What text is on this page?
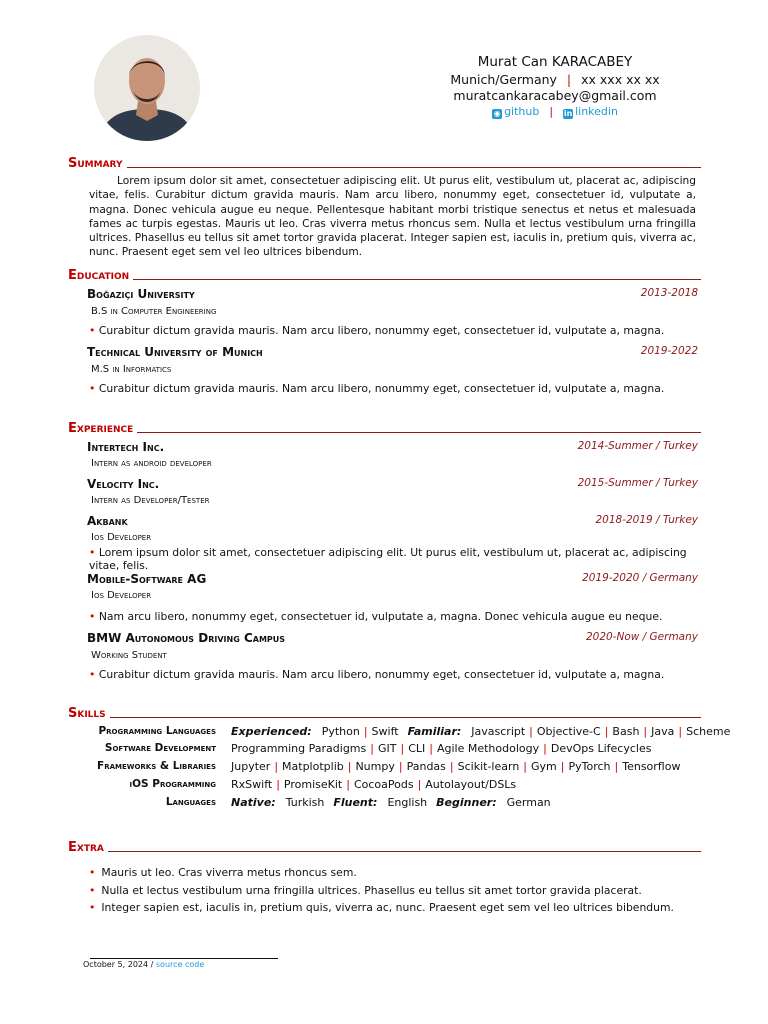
Murat Can KARACABEY
Munich/Germany | xx xxx xx xx
muratcankaracabey@gmail.com
◉ github | in linkedin
Summary
Lorem ipsum dolor sit amet, consectetuer adipiscing elit. Ut purus elit, vestibulum ut, placerat ac, adipiscing vitae, felis. Curabitur dictum gravida mauris. Nam arcu libero, nonummy eget, consectetuer id, vulputate a, magna. Donec vehicula augue eu neque. Pellentesque habitant morbi tristique senectus et netus et malesuada fames ac turpis egestas. Mauris ut leo. Cras viverra metus rhoncus sem. Nulla et lectus vestibulum urna fringilla ultrices. Phasellus eu tellus sit amet tortor gravida placerat. Integer sapien est, iaculis in, pretium quis, viverra ac, nunc. Praesent eget sem vel leo ultrices bibendum.
Education
Boğaziçi University	2013-2018
B.S in Computer Engineering
• Curabitur dictum gravida mauris. Nam arcu libero, nonummy eget, consectetuer id, vulputate a, magna.
Technical University of Munich	2019-2022
M.S in Informatics
• Curabitur dictum gravida mauris. Nam arcu libero, nonummy eget, consectetuer id, vulputate a, magna.
Experience
Intertech Inc.	2014-Summer / Turkey
Intern as android developer
Velocity Inc.	2015-Summer / Turkey
Intern as Developer/Tester
Akbank	2018-2019 / Turkey
Ios Developer
• Lorem ipsum dolor sit amet, consectetuer adipiscing elit. Ut purus elit, vestibulum ut, placerat ac, adipiscing vitae, felis.
Mobile-Software AG	2019-2020 / Germany
Ios Developer
• Nam arcu libero, nonummy eget, consectetuer id, vulputate a, magna. Donec vehicula augue eu neque.
BMW Autonomous Driving Campus	2020-Now / Germany
Working Student
• Curabitur dictum gravida mauris. Nam arcu libero, nonummy eget, consectetuer id, vulputate a, magna.
Skills
Programming Languages	Experienced: Python | Swift Familiar: Javascript | Objective-C | Bash | Java | Scheme
Software Development	Programming Paradigms | GIT | CLI | Agile Methodology | DevOps Lifecycles
Frameworks & Libraries	Jupyter | Matplotplib | Numpy | Pandas | Scikit-learn | Gym | PyTorch | Tensorflow
iOS Programming	RxSwift | PromiseKit | CocoaPods | Autolayout/DSLs
Languages	Native: Turkish Fluent: English Beginner: German
Extra
• Mauris ut leo. Cras viverra metus rhoncus sem.
• Nulla et lectus vestibulum urna fringilla ultrices. Phasellus eu tellus sit amet tortor gravida placerat.
• Integer sapien est, iaculis in, pretium quis, viverra ac, nunc. Praesent eget sem vel leo ultrices bibendum.
October 5, 2024 / source code
